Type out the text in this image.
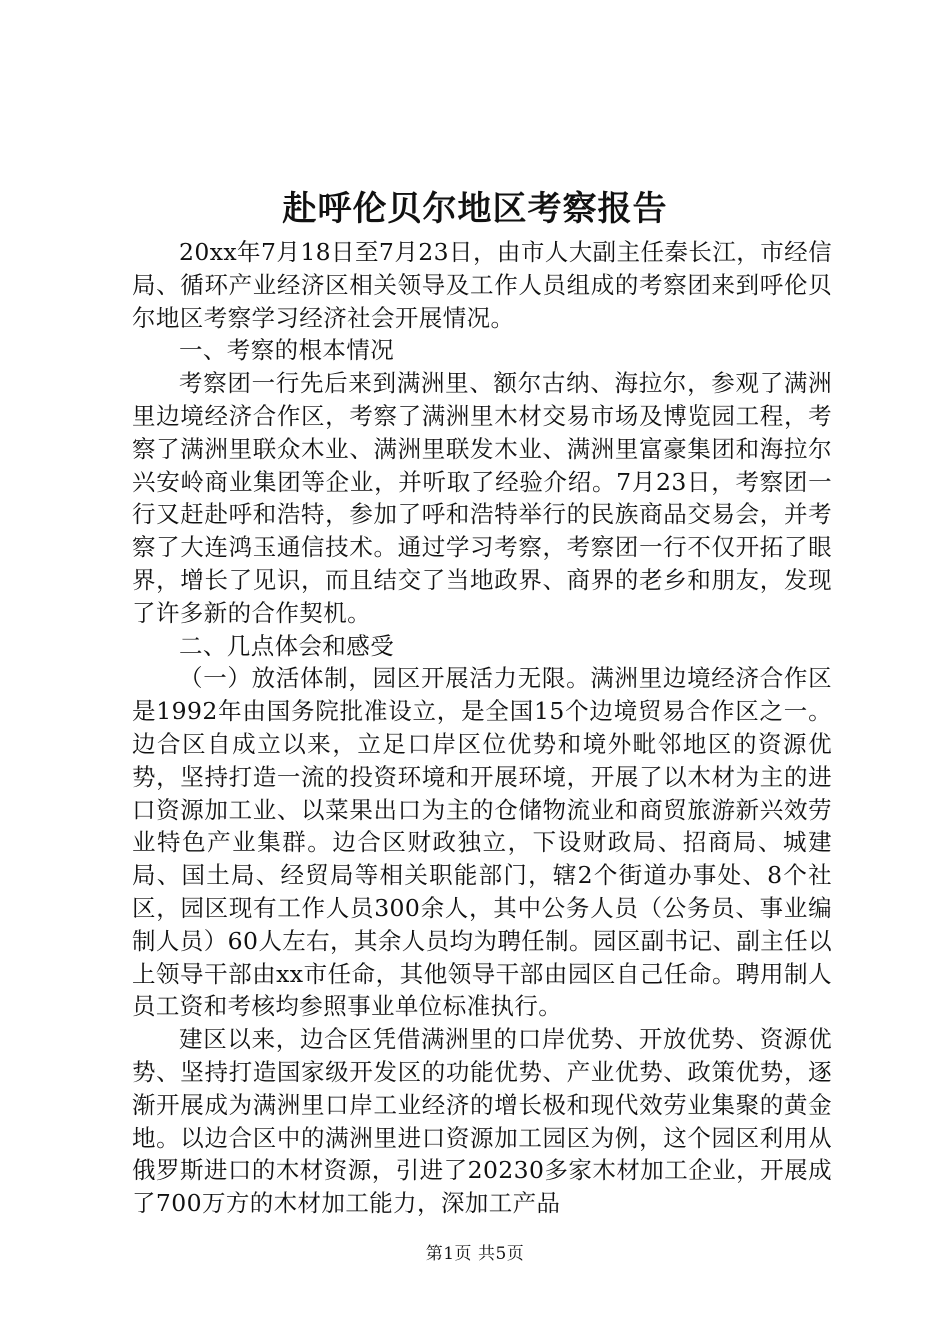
赴呼伦贝尔地区考察报告

20xx年7月18日至7月23日，由市人大副主任秦长江，市经信局、循环产业经济区相关领导及工作人员组成的考察团来到呼伦贝尔地区考察学习经济社会开展情况。

一、考察的根本情况

考察团一行先后来到满洲里、额尔古纳、海拉尔，参观了满洲里边境经济合作区，考察了满洲里木材交易市场及博览园工程，考察了满洲里联众木业、满洲里联发木业、满洲里富豪集团和海拉尔兴安岭商业集团等企业，并听取了经验介绍。7月23日，考察团一行又赶赴呼和浩特，参加了呼和浩特举行的民族商品交易会，并考察了大连鸿玉通信技术。通过学习考察，考察团一行不仅开拓了眼界，增长了见识，而且结交了当地政界、商界的老乡和朋友，发现了许多新的合作契机。

二、几点体会和感受

（一）放活体制，园区开展活力无限。满洲里边境经济合作区是1992年由国务院批准设立，是全国15个边境贸易合作区之一。边合区自成立以来，立足口岸区位优势和境外毗邻地区的资源优势，坚持打造一流的投资环境和开展环境，开展了以木材为主的进口资源加工业、以菜果出口为主的仓储物流业和商贸旅游新兴效劳业特色产业集群。边合区财政独立，下设财政局、招商局、城建局、国土局、经贸局等相关职能部门，辖2个街道办事处、8个社区，园区现有工作人员300余人，其中公务人员（公务员、事业编制人员）60人左右，其余人员均为聘任制。园区副书记、副主任以上领导干部由xx市任命，其他领导干部由园区自己任命。聘用制人员工资和考核均参照事业单位标准执行。

建区以来，边合区凭借满洲里的口岸优势、开放优势、资源优势、坚持打造国家级开发区的功能优势、产业优势、政策优势，逐渐开展成为满洲里口岸工业经济的增长极和现代效劳业集聚的黄金地。以边合区中的满洲里进口资源加工园区为例，这个园区利用从俄罗斯进口的木材资源，引进了20230多家木材加工企业，开展成了700万方的木材加工能力，深加工产品

第1页 共5页
